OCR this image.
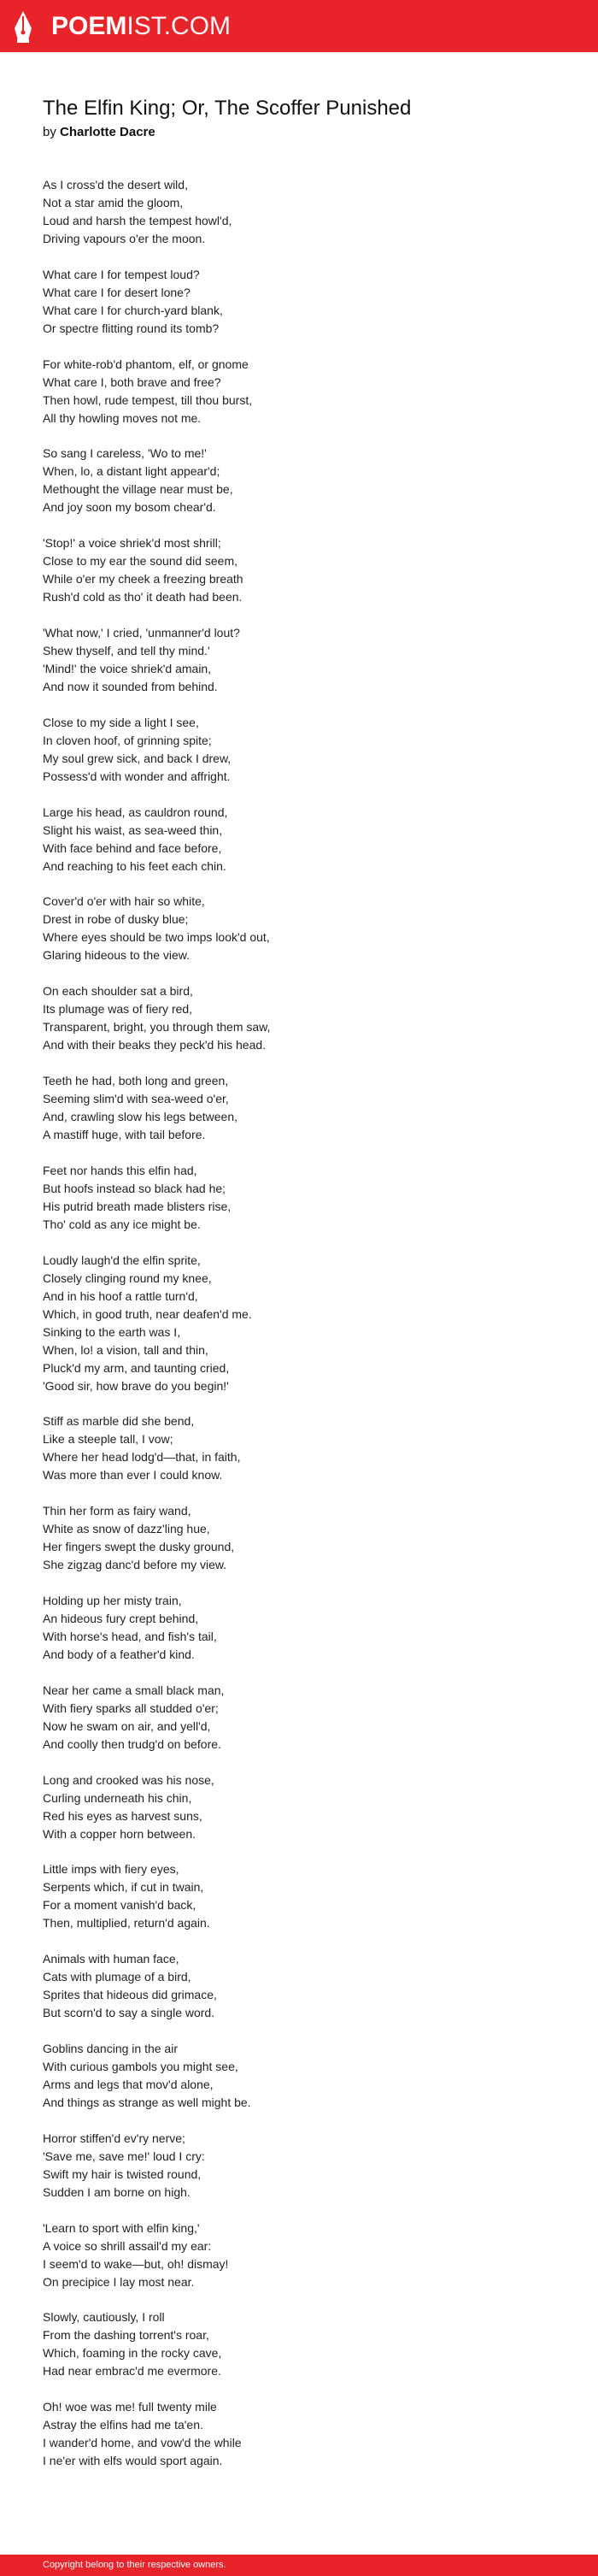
POEMIST.COM
The Elfin King; Or, The Scoffer Punished
by Charlotte Dacre
As I cross'd the desert wild,
Not a star amid the gloom,
Loud and harsh the tempest howl'd,
Driving vapours o'er the moon.
What care I for tempest loud?
What care I for desert lone?
What care I for church-yard blank,
Or spectre flitting round its tomb?
For white-rob'd phantom, elf, or gnome
What care I, both brave and free?
Then howl, rude tempest, till thou burst,
All thy howling moves not me.
So sang I careless, 'Wo to me!'
When, lo, a distant light appear'd;
Methought the village near must be,
And joy soon my bosom chear'd.
'Stop!' a voice shriek'd most shrill;
Close to my ear the sound did seem,
While o'er my cheek a freezing breath
Rush'd cold as tho' it death had been.
'What now,' I cried, 'unmanner'd lout?
Shew thyself, and tell thy mind.'
'Mind!' the voice shriek'd amain,
And now it sounded from behind.
Close to my side a light I see,
In cloven hoof, of grinning spite;
My soul grew sick, and back I drew,
Possess'd with wonder and affright.
Large his head, as cauldron round,
Slight his waist, as sea-weed thin,
With face behind and face before,
And reaching to his feet each chin.
Cover'd o'er with hair so white,
Drest in robe of dusky blue;
Where eyes should be two imps look'd out,
Glaring hideous to the view.
On each shoulder sat a bird,
Its plumage was of fiery red,
Transparent, bright, you through them saw,
And with their beaks they peck'd his head.
Teeth he had, both long and green,
Seeming slim'd with sea-weed o'er,
And, crawling slow his legs between,
A mastiff huge, with tail before.
Feet nor hands this elfin had,
But hoofs instead so black had he;
His putrid breath made blisters rise,
Tho' cold as any ice might be.
Loudly laugh'd the elfin sprite,
Closely clinging round my knee,
And in his hoof a rattle turn'd,
Which, in good truth, near deafen'd me.
Sinking to the earth was I,
When, lo! a vision, tall and thin,
Pluck'd my arm, and taunting cried,
'Good sir, how brave do you begin!'
Stiff as marble did she bend,
Like a steeple tall, I vow;
Where her head lodg'd—that, in faith,
Was more than ever I could know.
Thin her form as fairy wand,
White as snow of dazz'ling hue,
Her fingers swept the dusky ground,
She zigzag danc'd before my view.
Holding up her misty train,
An hideous fury crept behind,
With horse's head, and fish's tail,
And body of a feather'd kind.
Near her came a small black man,
With fiery sparks all studded o'er;
Now he swam on air, and yell'd,
And coolly then trudg'd on before.
Long and crooked was his nose,
Curling underneath his chin,
Red his eyes as harvest suns,
With a copper horn between.
Little imps with fiery eyes,
Serpents which, if cut in twain,
For a moment vanish'd back,
Then, multiplied, return'd again.
Animals with human face,
Cats with plumage of a bird,
Sprites that hideous did grimace,
But scorn'd to say a single word.
Goblins dancing in the air
With curious gambols you might see,
Arms and legs that mov'd alone,
And things as strange as well might be.
Horror stiffen'd ev'ry nerve;
'Save me, save me!' loud I cry:
Swift my hair is twisted round,
Sudden I am borne on high.
'Learn to sport with elfin king,'
A voice so shrill assail'd my ear:
I seem'd to wake—but, oh! dismay!
On precipice I lay most near.
Slowly, cautiously, I roll
From the dashing torrent's roar,
Which, foaming in the rocky cave,
Had near embrac'd me evermore.
Oh! woe was me! full twenty mile
Astray the elfins had me ta'en.
I wander'd home, and vow'd the while
I ne'er with elfs would sport again.
Copyright belong to their respective owners.
